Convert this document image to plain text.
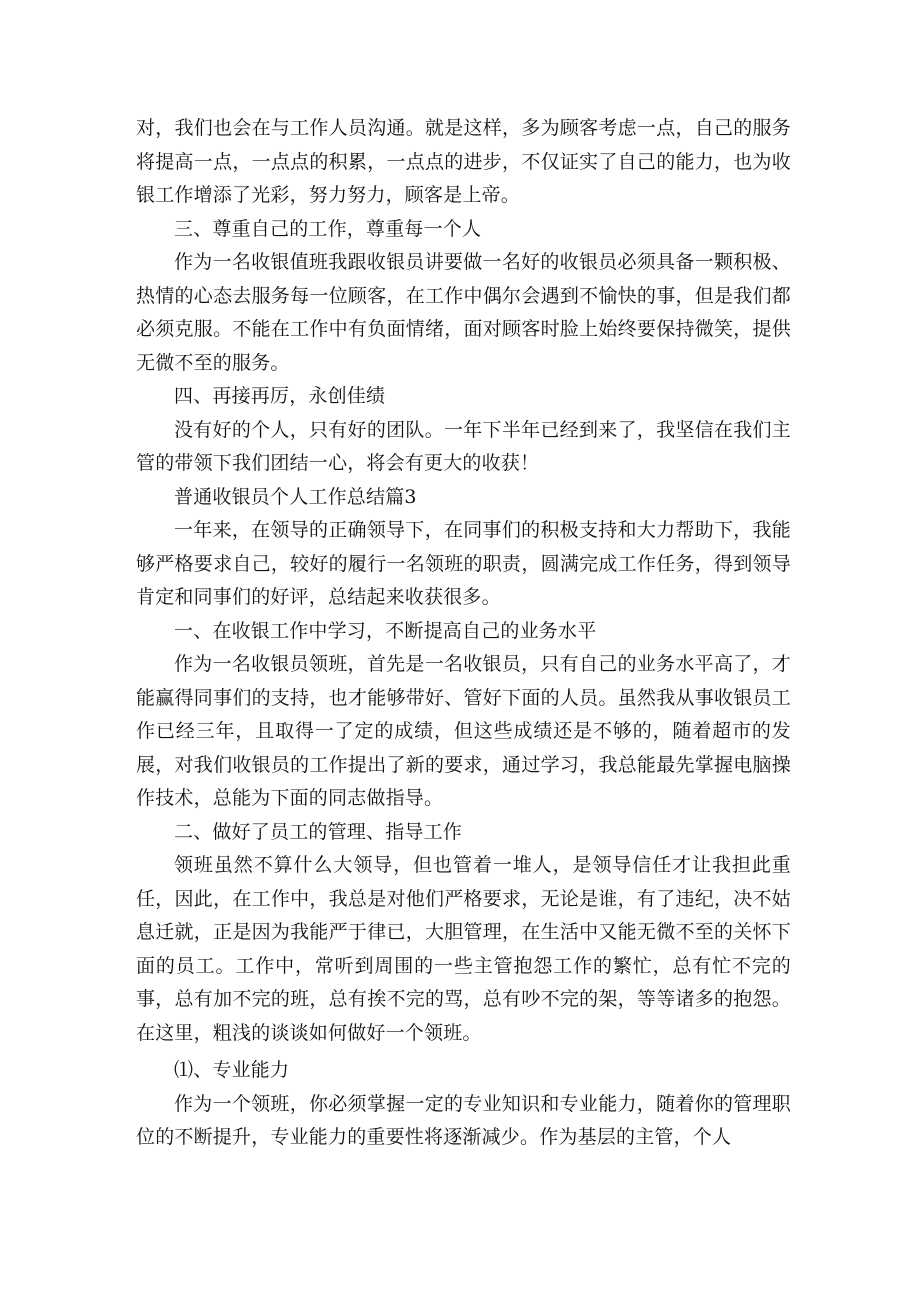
对，我们也会在与工作人员沟通。就是这样，多为顾客考虑一点，自己的服务将提高一点，一点点的积累，一点点的进步，不仅证实了自己的能力，也为收银工作增添了光彩，努力努力，顾客是上帝。

三、尊重自己的工作，尊重每一个人

作为一名收银值班我跟收银员讲要做一名好的收银员必须具备一颗积极、热情的心态去服务每一位顾客，在工作中偶尔会遇到不愉快的事，但是我们都必须克服。不能在工作中有负面情绪，面对顾客时脸上始终要保持微笑，提供无微不至的服务。

四、再接再厉，永创佳绩

没有好的个人，只有好的团队。一年下半年已经到来了，我坚信在我们主管的带领下我们团结一心，将会有更大的收获！

普通收银员个人工作总结篇3

一年来，在领导的正确领导下，在同事们的积极支持和大力帮助下，我能够严格要求自己，较好的履行一名领班的职责，圆满完成工作任务，得到领导肯定和同事们的好评，总结起来收获很多。

一、在收银工作中学习，不断提高自己的业务水平

作为一名收银员领班，首先是一名收银员，只有自己的业务水平高了，才能赢得同事们的支持，也才能够带好、管好下面的人员。虽然我从事收银员工作已经三年，且取得一了定的成绩，但这些成绩还是不够的，随着超市的发展，对我们收银员的工作提出了新的要求，通过学习，我总能最先掌握电脑操作技术，总能为下面的同志做指导。

二、做好了员工的管理、指导工作

领班虽然不算什么大领导，但也管着一堆人，是领导信任才让我担此重任，因此，在工作中，我总是对他们严格要求，无论是谁，有了违纪，决不姑息迁就，正是因为我能严于律已，大胆管理，在生活中又能无微不至的关怀下面的员工。工作中，常听到周围的一些主管抱怨工作的繁忙，总有忙不完的事，总有加不完的班，总有挨不完的骂，总有吵不完的架，等等诸多的抱怨。在这里，粗浅的谈谈如何做好一个领班。

⑴、专业能力

作为一个领班，你必须掌握一定的专业知识和专业能力，随着你的管理职位的不断提升，专业能力的重要性将逐渐减少。作为基层的主管，个人
